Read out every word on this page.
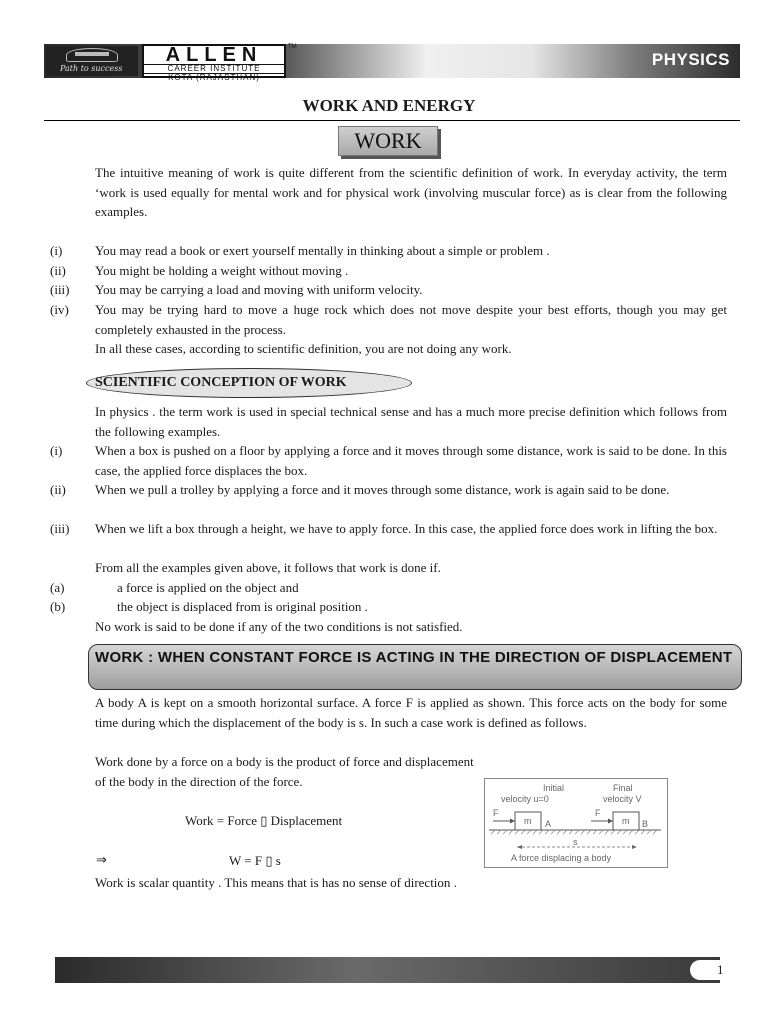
Path to success
ALLEN
CAREER INSTITUTE
KOTA (RAJASTHAN)
TM
PHYSICS
WORK AND ENERGY
WORK
The intuitive meaning of work is quite different from the scientific definition of work. In everyday activity, the term ‘work is used equally for mental work and for physical work (involving muscular force) as is clear from the following examples.
(i)	You may read a book or exert yourself mentally in thinking about a simple or problem .
(ii) You might be holding a weight without moving .
(iii) You may be carrying a load and moving with uniform velocity.
(iv) You may be trying hard to move a huge rock which does not move despite your best efforts, though you may get completely exhausted in the process.
In all these cases, according to scientific definition, you are not doing any work.
SCIENTIFIC CONCEPTION OF WORK
In physics . the term work is used in special technical sense and has a much more precise definition which follows from the following examples.
(i)	When a box is pushed on a floor by applying a force and it moves through some distance, work is said to be done. In this case, the applied force displaces the box.
(ii) When we pull a trolley by applying a force and it moves through some distance, work is again said to be done.
(iii) When we lift a box through a height, we have to apply force. In this case, the applied force does work in lifting the box.
From all the examples given above, it follows that work is done if.
(a)	a force is applied on the object and
(b)	the object is displaced from is original position .
No work is said to be done if any of the two conditions is not satisfied.
WORK : WHEN CONSTANT FORCE IS ACTING IN THE DIRECTION OF DISPLACEMENT
A body A is kept on a smooth horizontal surface. A force F is applied as shown. This force acts on the body for some time during which the displacement of the body is s. In such a case work is defined as follows.
Work done by a force on a body is the product of force and displacement of the body in the direction of the force.
Work = Force ▯ Displacement
⇒	W = F ▯ s
Work is scalar quantity . This means that is has no sense of direction .
Initial
velocity u=0
Final
velocity V
F	F
m	m
A	B
s
A force displacing a body
1
